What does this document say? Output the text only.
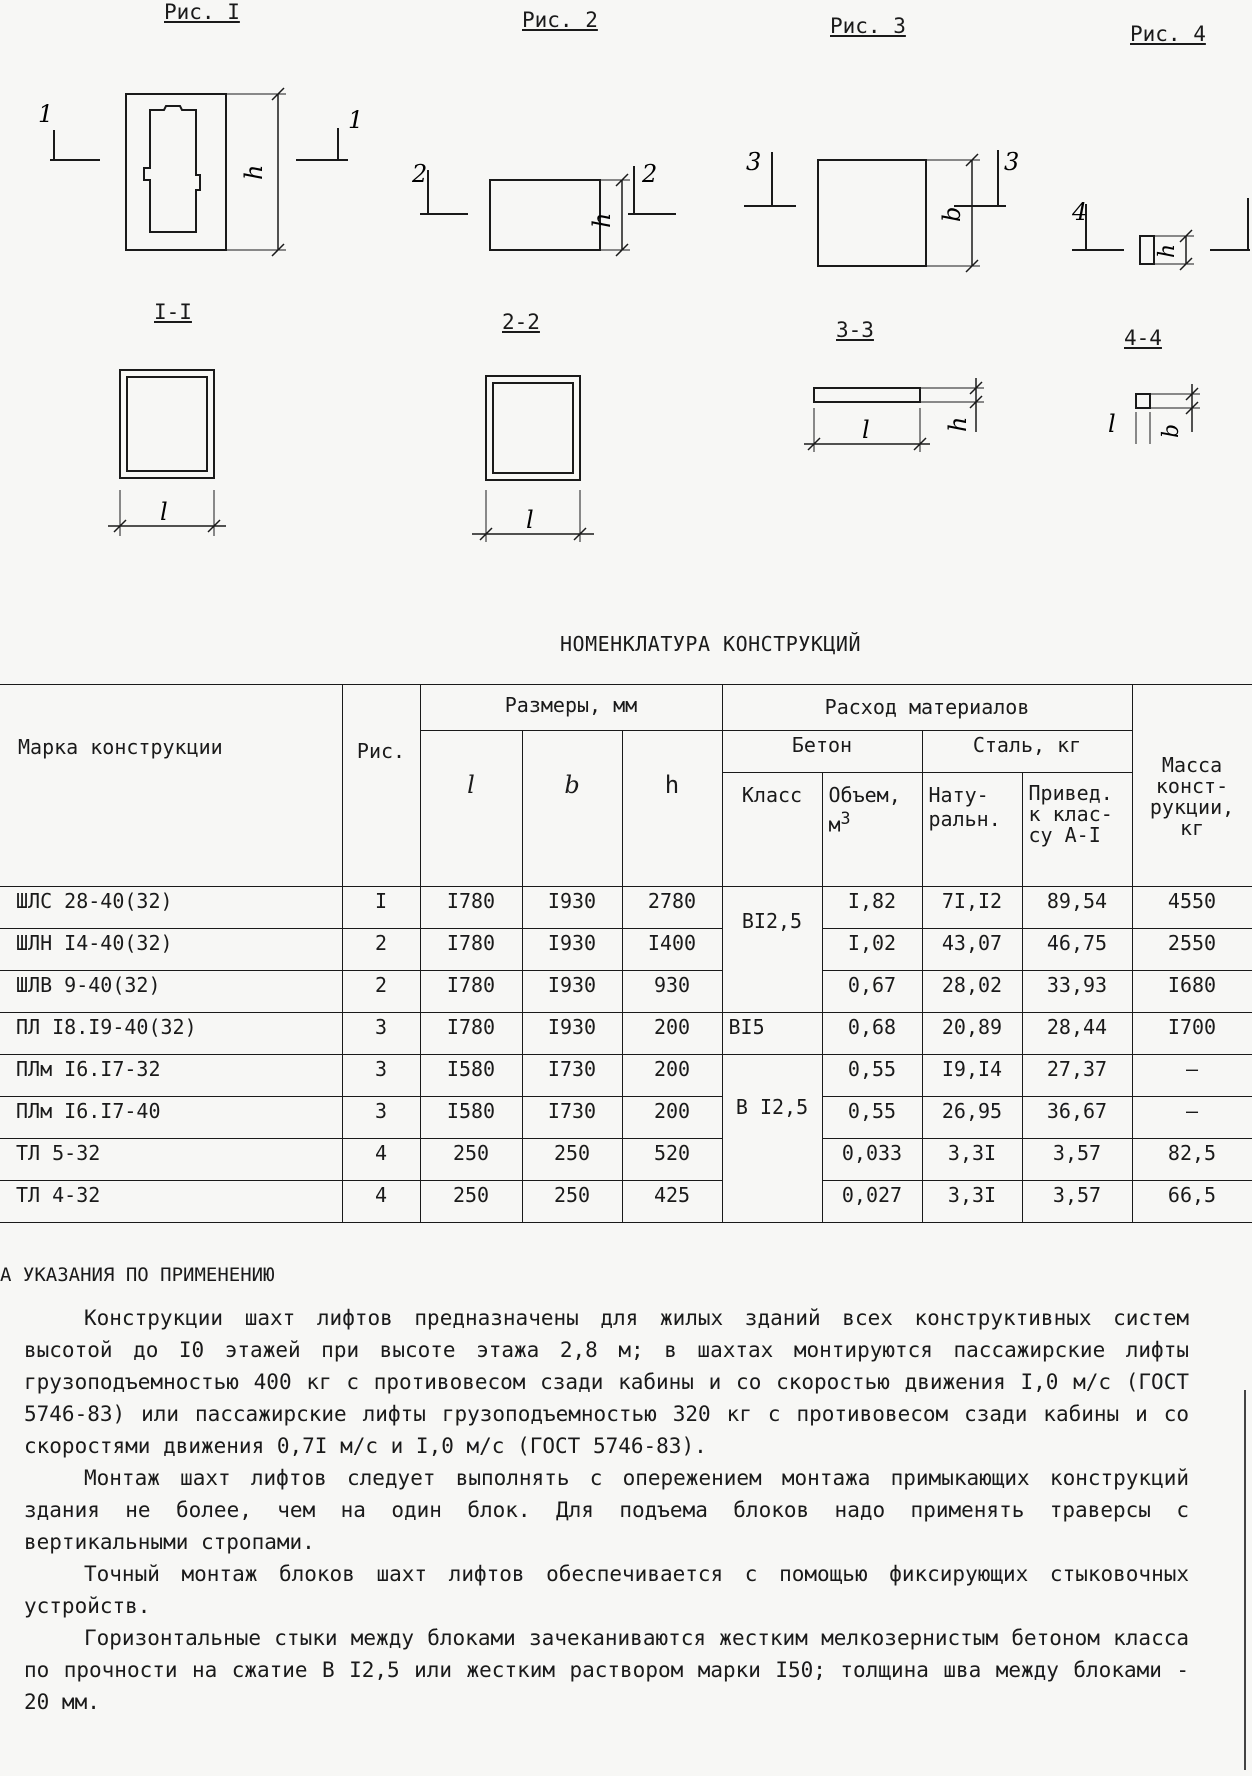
Рис. I	Рис. 2	Рис. 3	Рис. 4
1	1
h	2	2
h
3	3
b	4
h
I-I	2-2	3-3	4-4
l	l
l	h	l b
НОМЕНКЛАТУРА КОНСТРУКЦИЙ
Марка конструкции	Рис.	Размеры, мм			Расход материалов				Масса конст-рукции, кг
		l	b	h	Бетон		Сталь, кг		
					Класс	Объем, $м^3$	Нату-ральн.	Привед. к клас-су А-I	
ШЛС 28-40(32)	I	I780	I930	2780	BI2,5	I,82	7I,I2	89,54	4550
ШЛН I4-40(32)	2	I780	I930	I400		I,02	43,07	46,75	2550
ШЛВ 9-40(32)	2	I780	I930	930		0,67	28,02	33,93	I680
ПЛ I8.I9-40(32)	3	I780	I930	200	BI5	0,68	20,89	28,44	I700
ПЛм I6.I7-32	3	I580	I730	200	B I2,5	0,55	I9,I4	27,37	—
ПЛм I6.I7-40	3	I580	I730	200		0,55	26,95	36,67	—
ТЛ 5-32	4	250	250	520		0,033	3,3I	3,57	82,5
ТЛ 4-32	4	250	250	425		0,027	3,3I	3,57	66,5
А УКАЗАНИЯ ПО ПРИМЕНЕНИЮ

Конструкции шахт лифтов предназначены для жилых зданий всех конструктивных систем высотой до I0 этажей при высоте этажа 2,8 м; в шахтах монтируются пассажирские лифты грузоподъемностью 400 кг с противовесом сзади кабины и со скоростью движения I,0 м/с (ГОСТ 5746-83) или пассажирские лифты грузоподъемностью 320 кг с противовесом сзади кабины и со скоростями движения 0,7I м/с и I,0 м/с (ГОСТ 5746-83).

Монтаж шахт лифтов следует выполнять с опережением монтажа примыкающих конструкций здания не более, чем на один блок. Для подъема блоков надо применять траверсы с вертикальными стропами.

Точный монтаж блоков шахт лифтов обеспечивается с помощью фиксирующих стыковочных устройств.

Горизонтальные стыки между блоками зачеканиваются жестким мелкозернистым бетоном класса по прочности на сжатие В I2,5 или жестким раствором марки I50; толщина шва между блоками - 20 мм.
